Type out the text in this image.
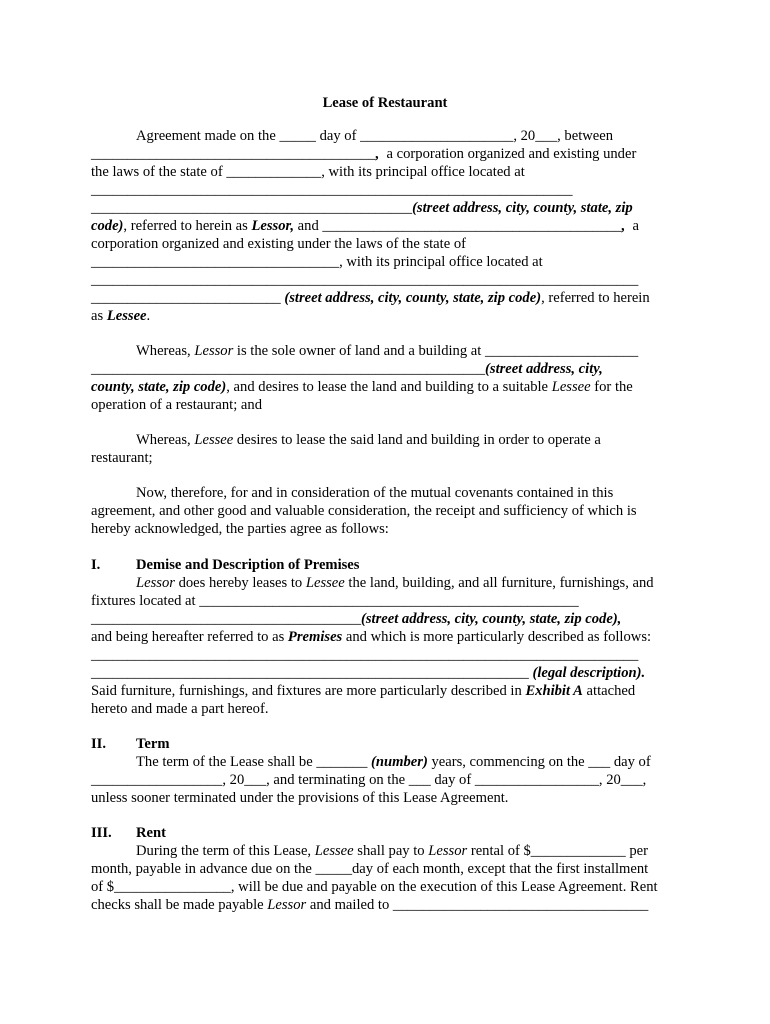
Lease of Restaurant
Agreement made on the _____ day of _____________________, 20___, between
_______________________________________, a corporation organized and existing under
the laws of the state of _____________, with its principal office located at
__________________________________________________________________
____________________________________________(street address, city, county, state, zip
code), referred to herein as Lessor, and _________________________________________, a
corporation organized and existing under the laws of the state of
__________________________________, with its principal office located at
___________________________________________________________________________
__________________________ (street address, city, county, state, zip code), referred to herein
as Lessee.
Whereas, Lessor is the sole owner of land and a building at _____________________
______________________________________________________(street address, city,
county, state, zip code), and desires to lease the land and building to a suitable Lessee for the
operation of a restaurant; and
Whereas, Lessee desires to lease the said land and building in order to operate a
restaurant;
Now, therefore, for and in consideration of the mutual covenants contained in this
agreement, and other good and valuable consideration, the receipt and sufficiency of which is
hereby acknowledged, the parties agree as follows:
I. Demise and Description of Premises
Lessor does hereby leases to Lessee the land, building, and all furniture, furnishings, and
fixtures located at ____________________________________________________
_____________________________________(street address, city, county, state, zip code),
and being hereafter referred to as Premises and which is more particularly described as follows:
___________________________________________________________________________
____________________________________________________________ (legal description).
Said furniture, furnishings, and fixtures are more particularly described in Exhibit A attached
hereto and made a part hereof.
II. Term
The term of the Lease shall be _______ (number) years, commencing on the ___ day of
__________________, 20___, and terminating on the ___ day of _________________, 20___,
unless sooner terminated under the provisions of this Lease Agreement.
III. Rent
During the term of this Lease, Lessee shall pay to Lessor rental of $_____________ per
month, payable in advance due on the _____day of each month, except that the first installment
of $________________, will be due and payable on the execution of this Lease Agreement. Rent
checks shall be made payable Lessor and mailed to ___________________________________
